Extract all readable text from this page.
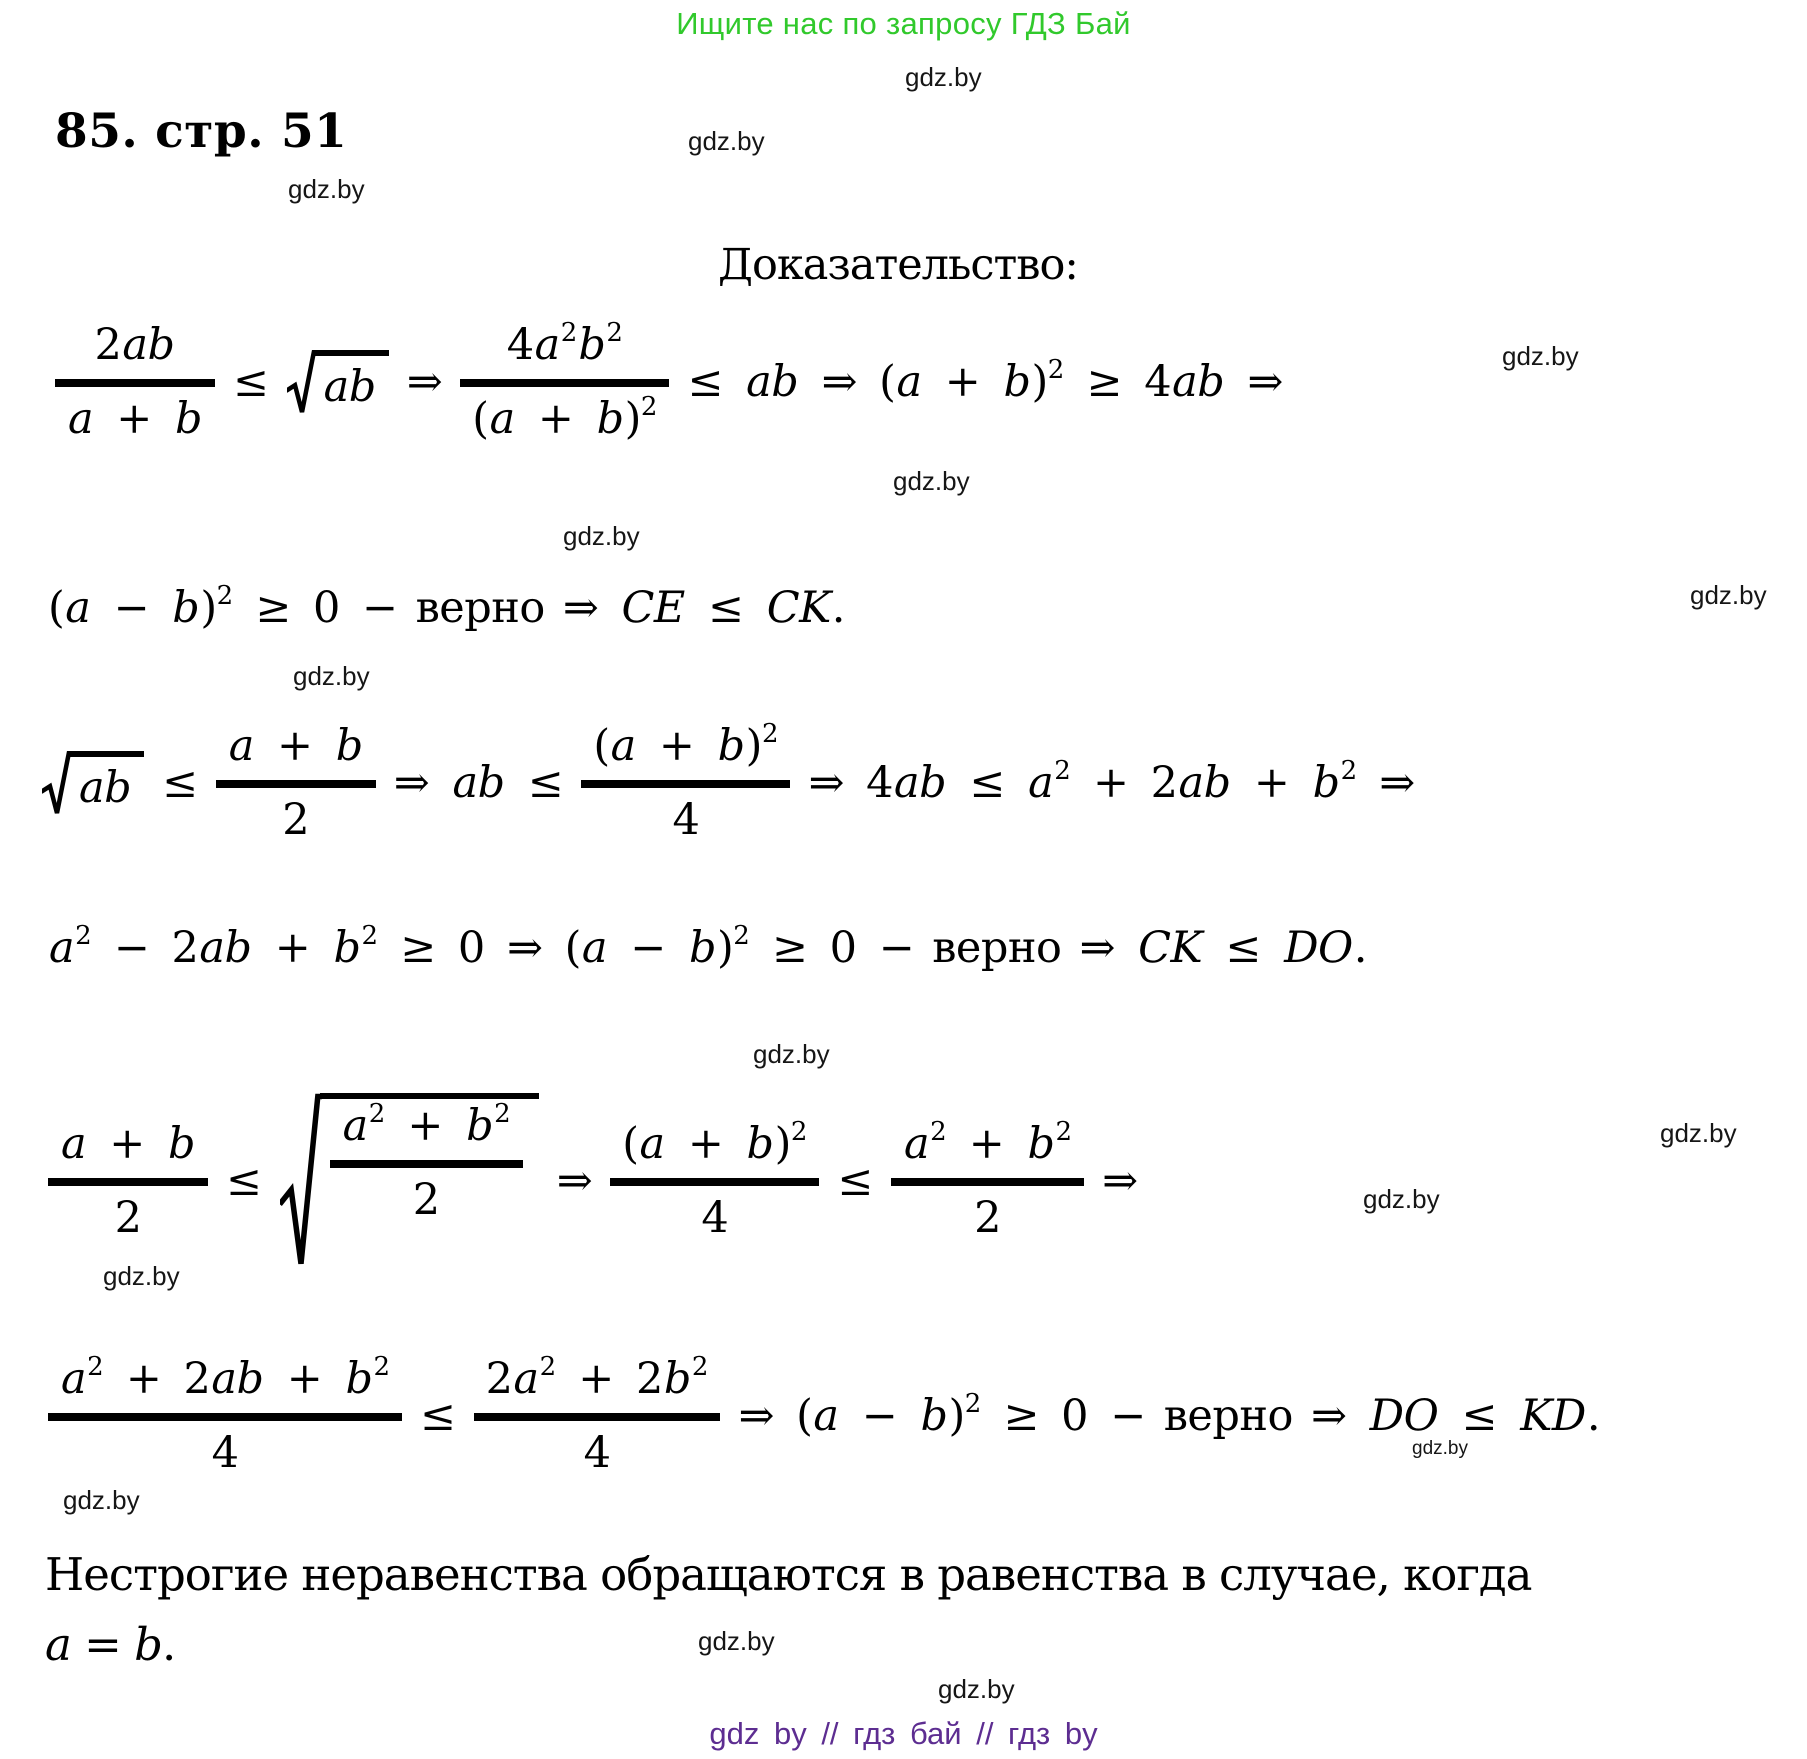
Ищите нас по запросу ГДЗ Бай
85. стр. 51
Доказательство:
2ab
a + b
≤ ab ⇒
$4a^2b^2$
$(a + b)^2$ ≤ ab ⇒ $(a + b)^2 \ge 4ab$ ⇒
$(a - b)^2 \ge 0$ − верно ⇒ CE ≤ CK.
ab ≤
a + b
2
⇒ ab ≤
$(a + b)^2$
4
⇒ $4ab \le a^2 + 2ab + b^2$ ⇒
$a^2 - 2ab + b^2 \ge 0$ ⇒ $(a - b)^2 \ge 0$ − верно ⇒ CK ≤ DO.
a + b
2
≤
$a^2 + b^2$
2	⇒
$(a + b)^2$
4
≤
$a^2 + b^2$
2
⇒
$a^2 + 2ab + b^2$
4
≤
$2a^2 + 2b^2$
4
⇒ $(a - b)^2 \ge 0$ − верно ⇒ DO ≤ KD.

Нестрогие неравенства обращаются в равенства в случае, когда
a = b.

gdz.by
gdz.by
gdz.by
gdz.by
gdz.by
gdz.by
gdz.by
gdz.by
gdz.by
gdz.by
gdz.by
gdz.by
gdz.by
gdz.by
gdz.by
gdz.by
gdz by // гдз бай // гдз by
